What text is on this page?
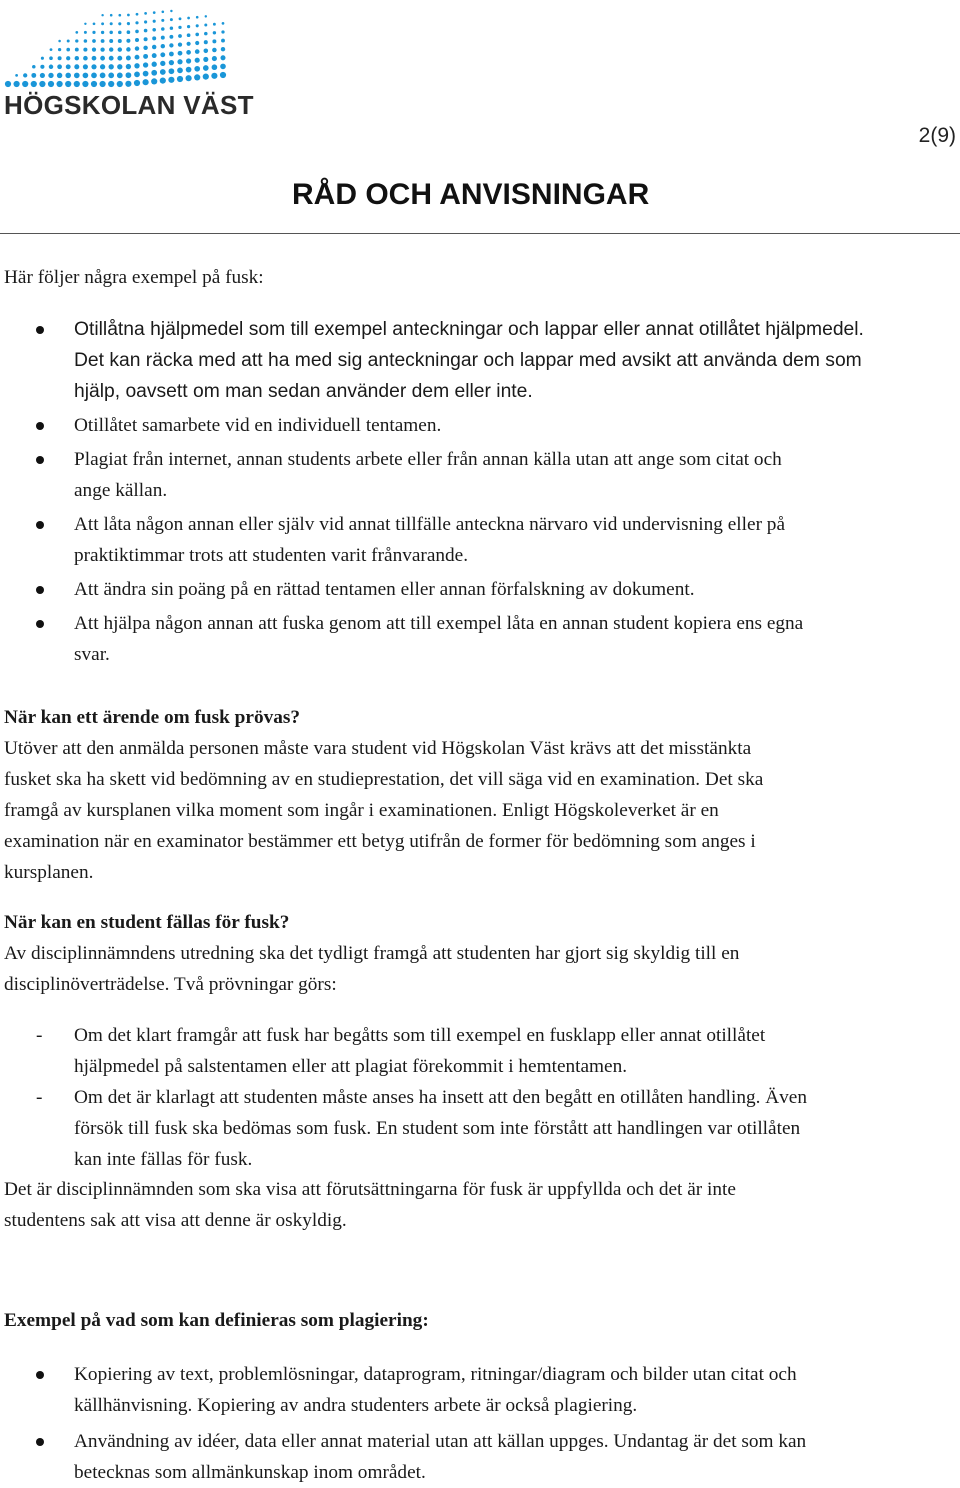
HÖGSKOLAN VÄST
2(9)
RÅD OCH ANVISNINGAR
Här följer några exempel på fusk:
Otillåtna hjälpmedel som till exempel anteckningar och lappar eller annat otillåtet hjälpmedel.
Det kan räcka med att ha med sig anteckningar och lappar med avsikt att använda dem som
hjälp, oavsett om man sedan använder dem eller inte.
Otillåtet samarbete vid en individuell tentamen.
Plagiat från internet, annan students arbete eller från annan källa utan att ange som citat och
ange källan.
Att låta någon annan eller själv vid annat tillfälle anteckna närvaro vid undervisning eller på
praktiktimmar trots att studenten varit frånvarande.
Att ändra sin poäng på en rättad tentamen eller annan förfalskning av dokument.
Att hjälpa någon annan att fuska genom att till exempel låta en annan student kopiera ens egna
svar.
När kan ett ärende om fusk prövas?
Utöver att den anmälda personen måste vara student vid Högskolan Väst krävs att det misstänkta
fusket ska ha skett vid bedömning av en studieprestation, det vill säga vid en examination. Det ska
framgå av kursplanen vilka moment som ingår i examinationen. Enligt Högskoleverket är en
examination när en examinator bestämmer ett betyg utifrån de former för bedömning som anges i
kursplanen.
När kan en student fällas för fusk?
Av disciplinnämndens utredning ska det tydligt framgå att studenten har gjort sig skyldig till en
disciplinöverträdelse. Två prövningar görs:
- Om det klart framgår att fusk har begåtts som till exempel en fusklapp eller annat otillåtet
hjälpmedel på salstentamen eller att plagiat förekommit i hemtentamen.
- Om det är klarlagt att studenten måste anses ha insett att den begått en otillåten handling. Även
försök till fusk ska bedömas som fusk. En student som inte förstått att handlingen var otillåten
kan inte fällas för fusk.
Det är disciplinnämnden som ska visa att förutsättningarna för fusk är uppfyllda och det är inte
studentens sak att visa att denne är oskyldig.
Exempel på vad som kan definieras som plagiering:
Kopiering av text, problemlösningar, dataprogram, ritningar/diagram och bilder utan citat och
källhänvisning. Kopiering av andra studenters arbete är också plagiering.
Användning av idéer, data eller annat material utan att källan uppges. Undantag är det som kan
betecknas som allmänkunskap inom området.
